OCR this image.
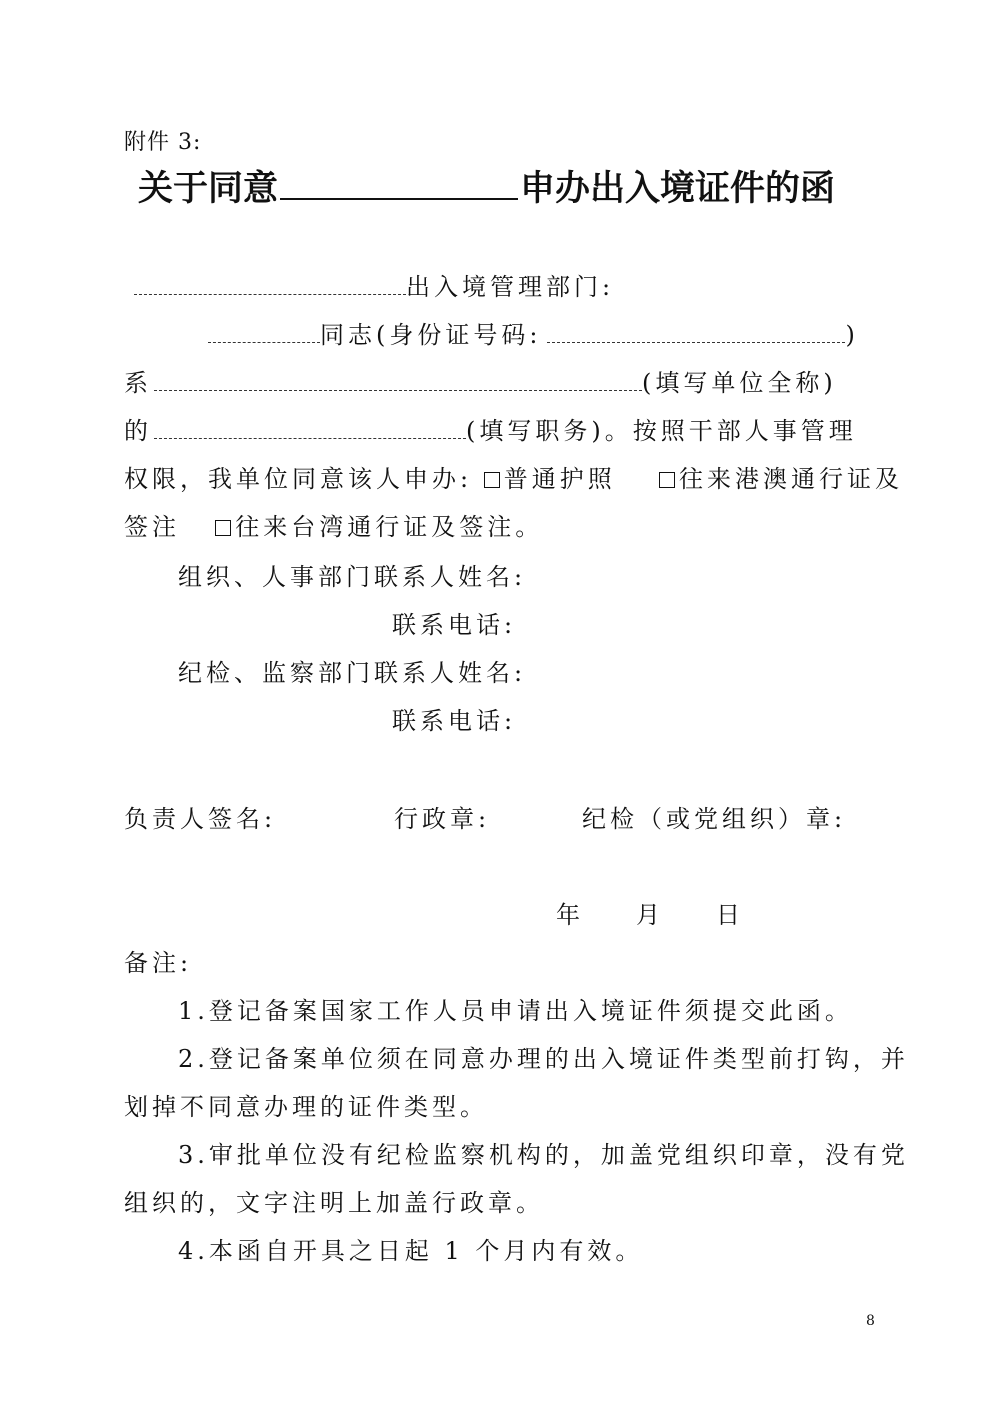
附件 3:
关于同意	申办出入境证件的函
出入境管理部门:
同志(身份证号码:	)
系	(填写单位全称)
的	(填写职务)。按照干部人事管理
权限，我单位同意该人申办: 普通护照	往来港澳通行证及
签注 往来台湾通行证及签注。
组织、人事部门联系人姓名:
联系电话:
纪检、监察部门联系人姓名:
联系电话:
负责人签名:	行政章:	纪检（或党组织）章:
年 月 日
备注:
1.登记备案国家工作人员申请出入境证件须提交此函。
2.登记备案单位须在同意办理的出入境证件类型前打钩，并
划掉不同意办理的证件类型。
3.审批单位没有纪检监察机构的，加盖党组织印章，没有党
组织的，文字注明上加盖行政章。
4.本函自开具之日起 1 个月内有效。
8
